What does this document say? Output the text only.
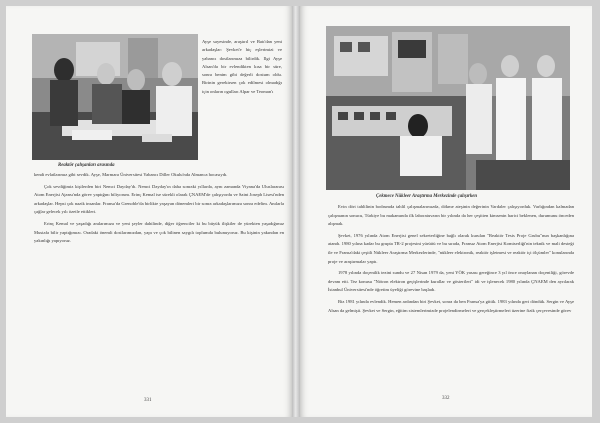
Ayşe sayesinde, araştırıl ve Batı'dan yeni arkadaşlar: Şevket'e hiç eşlerimizi ve yabancı dostlarımıza bilirdik. Ilgi Ayşe Alsan'da bir evlendikten kısa bir süre, sonra benim gibi değerli dostum oldu. Birinin gerekirsen çok edilmesi olmadığı için onların ogulları Alpar ve Teoman'ı

Reaktör çalışanları arasında

kendi evlatlarımız gibi sevdik. Ayşe, Marmara Üniversitesi Yabancı Diller Okulu'nda Almanca hocasıydı.

Çok sevdiğimiz kişilerden biri Nemci Dayday'dı. Nemci Dayday'ın daha sonraki yıllarda, aynı zamanda Viyana'da Uluslararası Atom Enerjisi Ajansı'nda görev yaptığını biliyorum. Erinç Kemal ise sürekli olarak ÇNAEM'de çalışıyordu ve Saint Joseph Lisesi'nden arkadaşlar. Hepsi çok nazik insanlar. Fransa'da Grenoble'da birlikte yaşayan dönemleri bir sonra arkadaşlarımıza sonra edelim. Anılarla çağlar gelecek yılı özetle ettikleri.

Erinç Kemal ve yaşadığı anılarımıza ve yeni şeyler dahilinde, diğer öğrenciler ki bu büyük ilişkiler de yürekten yaşadığımız Mustafa bilir yaptığımızı. Oradaki önemli dostlarımızdan, yapı ve çok bilinen saygılı toplumda bulunuyoruz. Bu kişinin yakından en yakınlığı yapıyoruz.

331
Çekmece Nükleer Araştırma Merkezinde çalışırken

Evin dört tahlilinin bodrumda tahlil çalışmalarımızda, dökme ateşinin değerinin Vardaler çalışıyorduk. Varlığından kalmadan çalışmanın sonucu, Türkiye bu makamında ilk laboratuvarın bir yılında da her çeşitten kimsenin harici beklenen, durumunu önceden alışmak.

Şevket, 1976 yılında Atom Enerjisi genel sekreterliğine bağlı olarak kurulan "Reaktör Tesis Proje Grubu"nun başkanlığına atandı. 1980 yılına kadar bu grupta TR-2 projesini yürüttü ve bu sırada, Fransız Atom Enerjisi Komiserliği'nin teknik ve mali desteği ile ve Fransa'daki çeşitli Nükleer Araştırma Merkezlerinde, "nükleer elektronik, reaktör işletmesi ve reaktör içi ölçümler" konularında proje ve araştırmalar yaptı.

1978 yılında doçentlik tezini sundu ve 27 Nisan 1979 da, yeni YÖK yasası gereğince 3 yıl önce onaylanan doçentliği, görevde devam etti. Tez konusu "Nötron elektron geçişlerinde kurallar ve gösterileri" idi ve işlenecek 1980 yılında ÇNAEM den ayrılarak İstanbul Üniversitesi'nde öğretim üyeliği görevine başladı.

Biz 1981 yılında evlendik. Hemen ardından biri Şevket, sonra da ben Fransa'ya gittik. 1983 yılında geri döndük. Sergin ve Ayşe Alsan da gelmişti. Şevket ve Sergin, eğitim sistemlerimizde projelendirmeleri ve gerçekleştirmeleri üzerine fizik çerçevesinde görev

332
